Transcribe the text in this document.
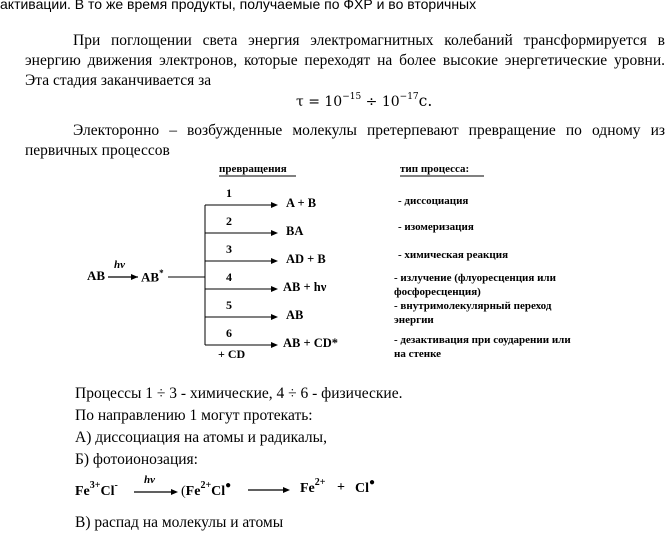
активации. В то же время продукты, получаемые по ФХР и во вторичных
При поглощении света энергия электромагнитных колебаний трансформируется в энергию движения электронов, которые переходят на более высокие энергетические уровни. Эта стадия заканчивается за
$\tau = 10^{-15} \div 10^{-17}с$.
Электоронно – возбужденные молекулы претерпевают превращение по одному из первичных процессов
превращения	тип процесса:
AB
hν
AB*
1
2
3
4
5
6
+ CD
A + B
BA
AD + B
AB + hν
AB
AB + CD*
- диссоциация
- изомеризация
- химическая реакция
- излучение (флуоресценция или
фосфоресценция)
- внутримолекулярный переход
энергии
- дезактивация при соударении или
на стенке
Процессы 1 ÷ 3 - химические, 4 ÷ 6 - физические.
По направлению 1 могут протекать:
А) диссоциация на атомы и радикалы,
Б) фотоионозация:
$Fe^{3+}Cl^-$ hν
($Fe^{2+}Cl^●$	$Fe^{2+} + Cl^●$
В) распад на молекулы и атомы
